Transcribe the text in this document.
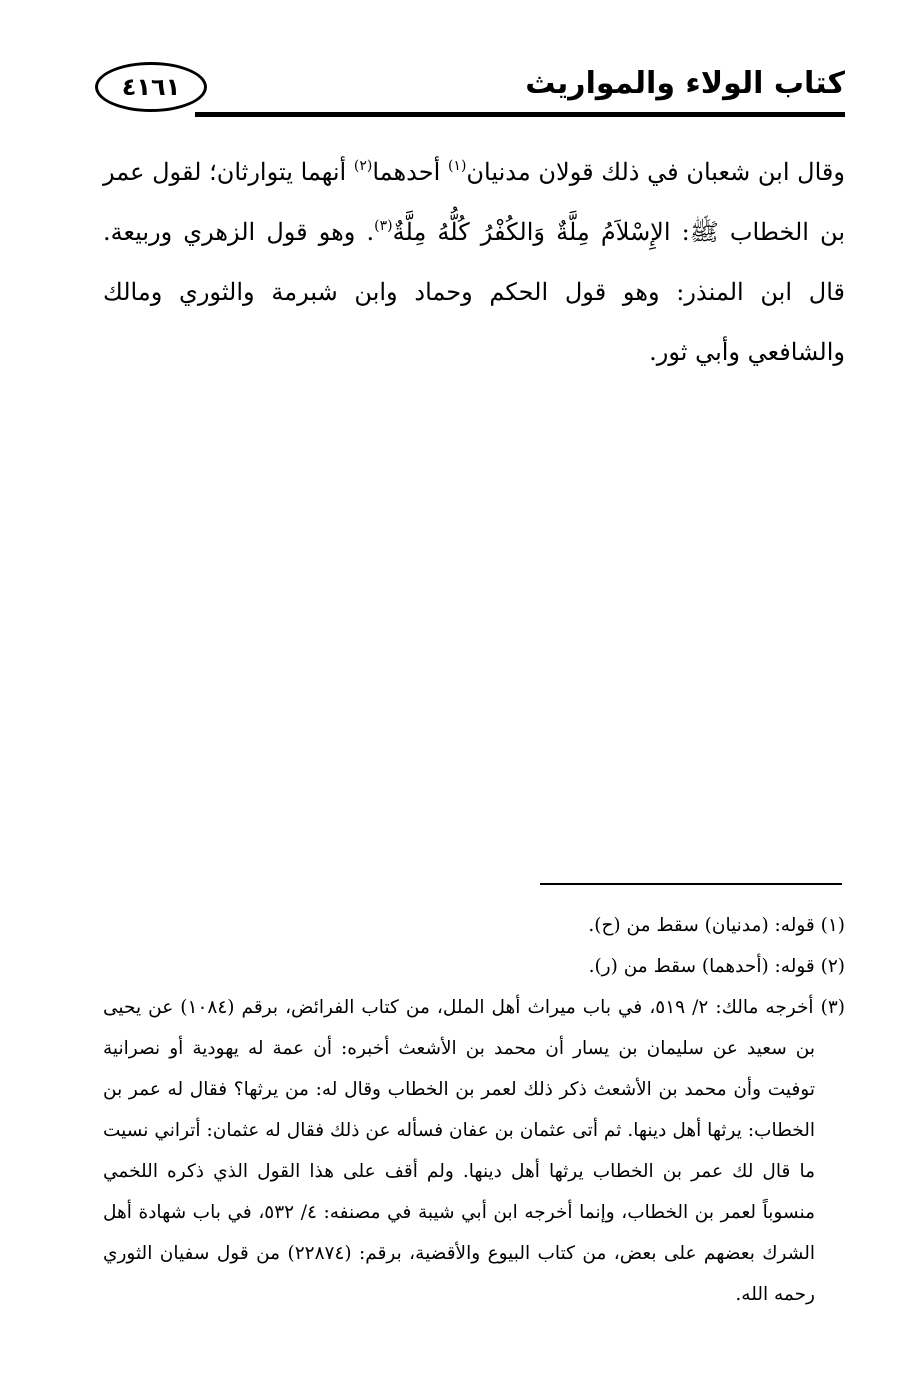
كتاب الولاء والمواريث
٤١٦١

وقال ابن شعبان في ذلك قولان مدنيان$^{(١)}$ أحدهما$^{(٢)}$ أنهما يتوارثان؛ لقول عمر بن الخطاب ﷺ: الإِسْلاَمُ مِلَّةٌ وَالكُفْرُ كُلُّهُ مِلَّةٌ$^{(٣)}$. وهو قول الزهري وربيعة. قال ابن المنذر: وهو قول الحكم وحماد وابن شبرمة والثوري ومالك والشافعي وأبي ثور.

(١) قوله: (مدنيان) سقط من (ح).

(٢) قوله: (أحدهما) سقط من (ر).

(٣) أخرجه مالك: ٢/ ٥١٩، في باب ميراث أهل الملل، من كتاب الفرائض، برقم (١٠٨٤) عن يحيى بن سعيد عن سليمان بن يسار أن محمد بن الأشعث أخبره: أن عمة له يهودية أو نصرانية توفيت وأن محمد بن الأشعث ذكر ذلك لعمر بن الخطاب وقال له: من يرثها؟ فقال له عمر بن الخطاب: يرثها أهل دينها. ثم أتى عثمان بن عفان فسأله عن ذلك فقال له عثمان: أتراني نسيت ما قال لك عمر بن الخطاب يرثها أهل دينها. ولم أقف على هذا القول الذي ذكره اللخمي منسوباً لعمر بن الخطاب، وإنما أخرجه ابن أبي شيبة في مصنفه: ٤/ ٥٣٢، في باب شهادة أهل الشرك بعضهم على بعض، من كتاب البيوع والأقضية، برقم: (٢٢٨٧٤) من قول سفيان الثوري رحمه الله.
